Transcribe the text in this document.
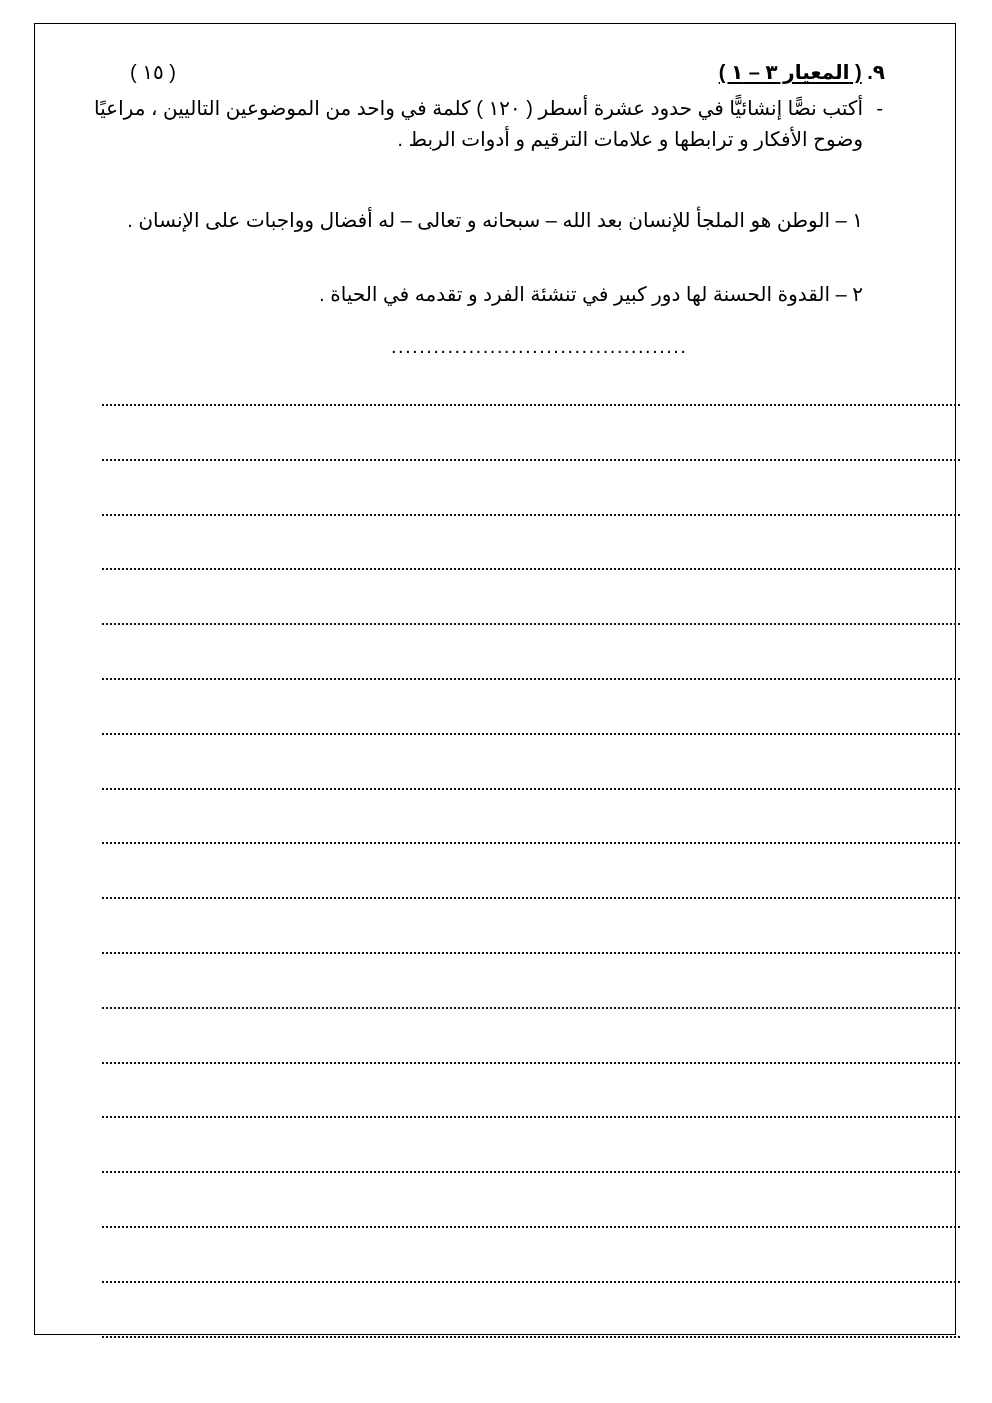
٩. ( المعيار ٣ – ١ )
( ١٥ )
-
أكتب نصًّا إنشائيًّا في حدود عشرة أسطر ( ١٢٠ ) كلمة في واحد من الموضوعين التاليين ، مراعيًا وضوح الأفكار و ترابطها و علامات الترقيم و أدوات الربط .
١ – الوطن هو الملجأ للإنسان بعد الله – سبحانه و تعالى – له أفضال وواجبات على الإنسان .
٢ – القدوة الحسنة لها دور كبير في تنشئة الفرد و تقدمه في الحياة .
..........................................
